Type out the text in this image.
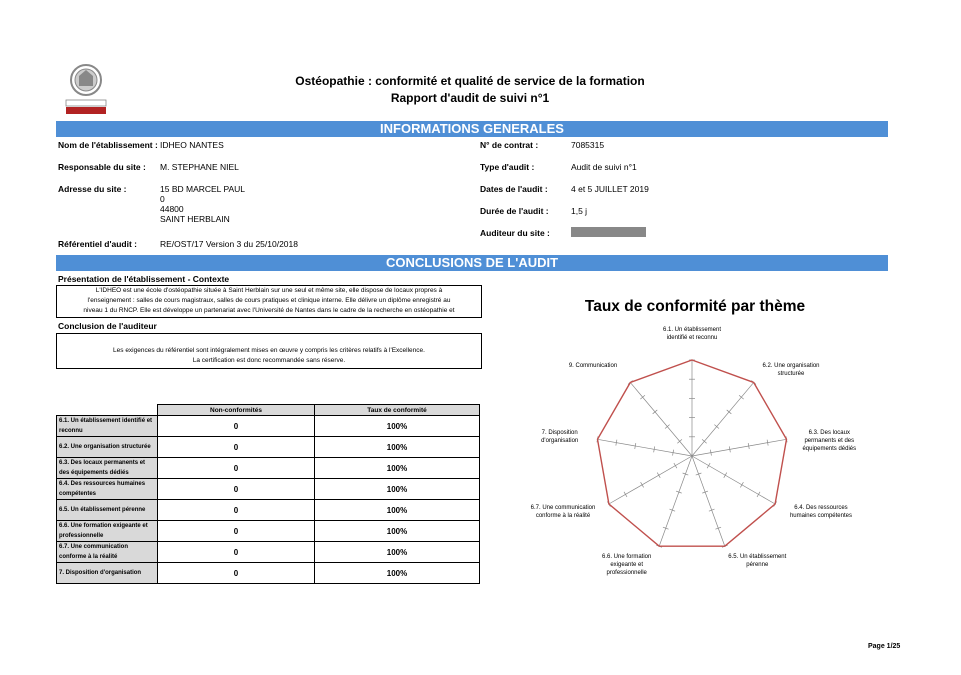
Ostéopathie : conformité et qualité de service de la formation
Rapport d'audit de suivi n°1
INFORMATIONS GENERALES
Nom de l'établissement : IDHEO NANTES
Responsable du site : M. STEPHANE NIEL
Adresse du site :	15 BD MARCEL PAUL
0
44800
SAINT HERBLAIN
Référentiel d'audit :	RE/OST/17 Version 3 du 25/10/2018
N° de contrat :	7085315
Type d'audit :	Audit de suivi n°1
Dates de l'audit :	4 et 5 JUILLET 2019
Durée de l'audit :	1,5 j
Auditeur du site :
CONCLUSIONS DE L'AUDIT
Présentation de l'établissement - Contexte
L'IDHEO est une école d'ostéopathie située à Saint Herblain sur une seul et même site, elle dispose de locaux propres à
l'enseignement : salles de cours magistraux, salles de cours pratiques et clinique interne. Elle délivre un diplôme enregistré au
niveau 1 du RNCP. Elle est développe un partenariat avec l'Université de Nantes dans le cadre de la recherche en ostéopathie et
Conclusion de l'auditeur
Les exigences du référentiel sont intégralement mises en œuvre y compris les critères relatifs à l'Excellence.
La certification est donc recommandée sans réserve.
	Non-conformités	Taux de conformité
6.1. Un établissement identifié et reconnu	0	100%
6.2. Une organisation structurée	0	100%
6.3. Des locaux permanents et des équipements dédiés	0	100%
6.4. Des ressources humaines compétentes	0	100%
6.5. Un établissement pérenne	0	100%
6.6. Une formation exigeante et professionnelle	0	100%
6.7. Une communication conforme à la réalité	0	100%
7. Disposition d'organisation	0	100%
Taux de conformité par thème
6.1. Un établissement identifié et reconnu
6.2. Une organisation structurée
6.3. Des locaux permanents et des équipements dédiés
6.4. Des ressources humaines compétentes
6.5. Un établissement pérenne
6.6. Une formation exigeante et professionnelle
6.7. Une communication conforme à la réalité
7. Disposition d'organisation
9. Communication
Page 1/25
